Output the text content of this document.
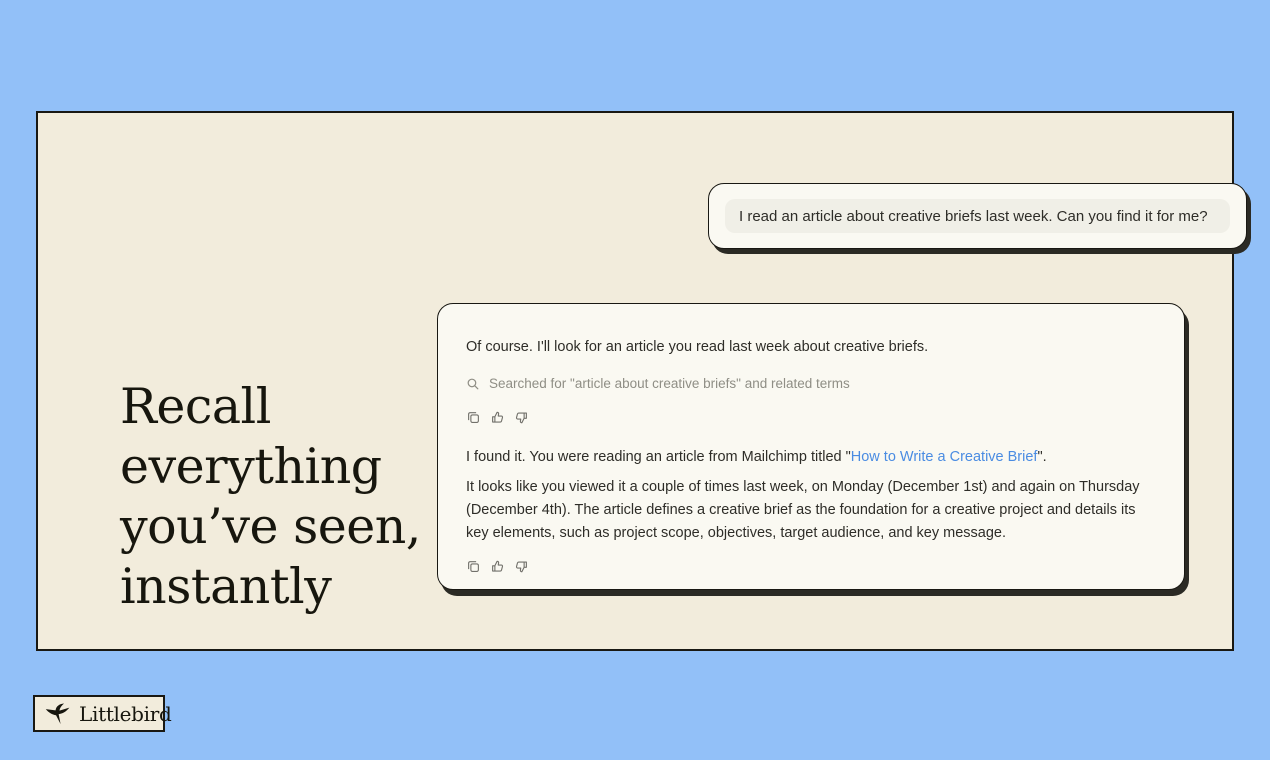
Recall
everything
you’ve seen,
instantly
I read an article about creative briefs last week. Can you find it for me?

Of course. I'll look for an article you read last week about creative briefs.

Searched for "article about creative briefs" and related terms

I found it. You were reading an article from Mailchimp titled "How to Write a Creative Brief".

It looks like you viewed it a couple of times last week, on Monday (December 1st) and again on Thursday (December 4th). The article defines a creative brief as the foundation for a creative project and details its key elements, such as project scope, objectives, target audience, and key message.

Littlebird
